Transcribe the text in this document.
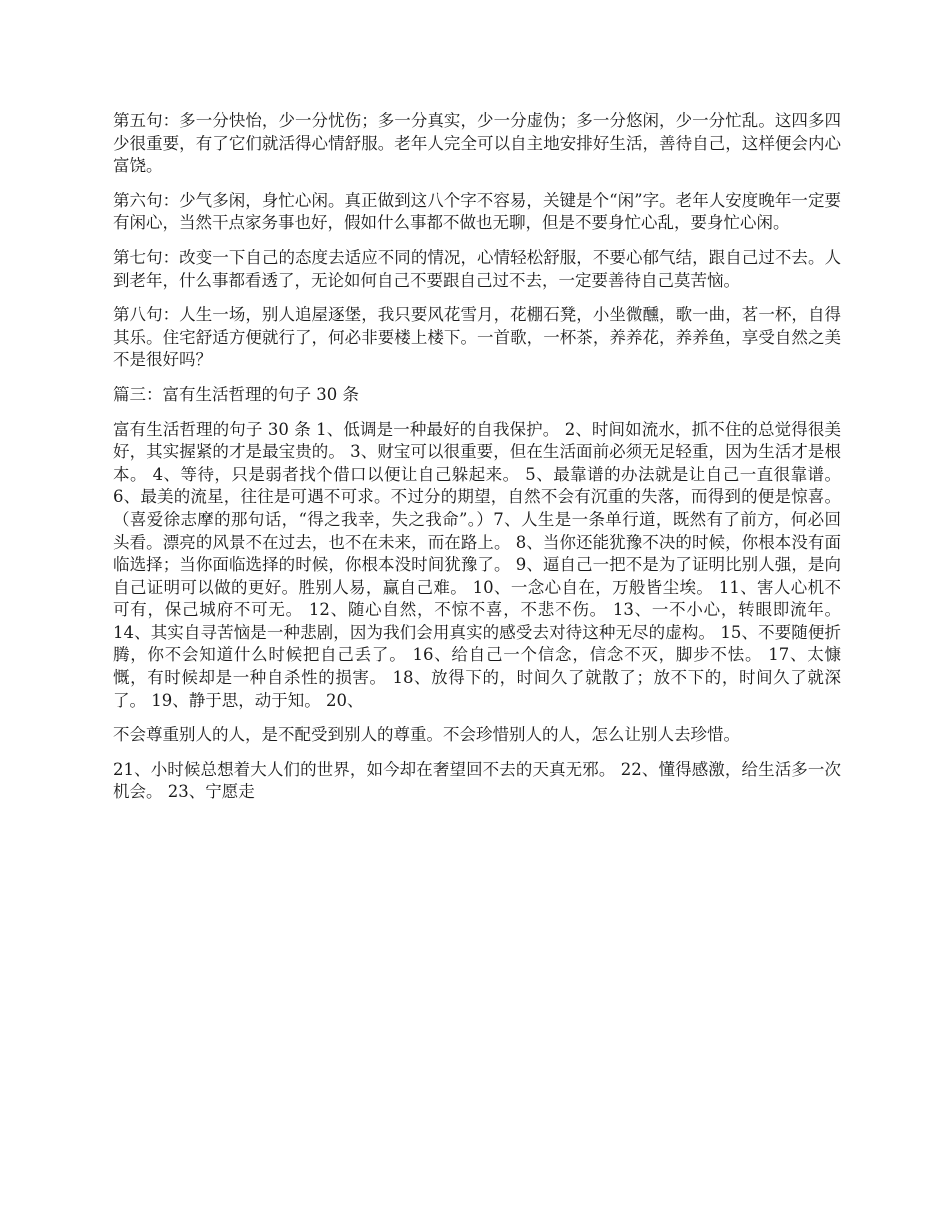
第五句：多一分快怡，少一分忧伤；多一分真实，少一分虚伪；多一分悠闲，少一分忙乱。这四多四少很重要，有了它们就活得心情舒服。老年人完全可以自主地安排好生活，善待自己，这样便会内心富饶。

第六句：少气多闲，身忙心闲。真正做到这八个字不容易，关键是个“闲”字。老年人安度晚年一定要有闲心，当然干点家务事也好，假如什么事都不做也无聊，但是不要身忙心乱，要身忙心闲。

第七句：改变一下自己的态度去适应不同的情况，心情轻松舒服，不要心郁气结，跟自己过不去。人到老年，什么事都看透了，无论如何自己不要跟自己过不去，一定要善待自己莫苦恼。

第八句：人生一场，别人追屋逐堡，我只要风花雪月，花棚石凳，小坐微醺，歌一曲，茗一杯，自得其乐。住宅舒适方便就行了，何必非要楼上楼下。一首歌，一杯茶，养养花，养养鱼，享受自然之美不是很好吗？

篇三：富有生活哲理的句子 30 条

富有生活哲理的句子 30 条 1、低调是一种最好的自我保护。 2、时间如流水，抓不住的总觉得很美好，其实握紧的才是最宝贵的。 3、财宝可以很重要，但在生活面前必须无足轻重，因为生活才是根本。 4、等待，只是弱者找个借口以便让自己躲起来。 5、最靠谱的办法就是让自己一直很靠谱。 6、最美的流星，往往是可遇不可求。不过分的期望，自然不会有沉重的失落，而得到的便是惊喜。（喜爱徐志摩的那句话，“得之我幸，失之我命”。）7、人生是一条单行道，既然有了前方，何必回头看。漂亮的风景不在过去，也不在未来，而在路上。 8、当你还能犹豫不决的时候，你根本没有面临选择；当你面临选择的时候，你根本没时间犹豫了。 9、逼自己一把不是为了证明比别人强，是向自己证明可以做的更好。胜别人易，赢自己难。 10、一念心自在，万般皆尘埃。 11、害人心机不可有，保己城府不可无。 12、随心自然，不惊不喜，不悲不伤。 13、一不小心，转眼即流年。 14、其实自寻苦恼是一种悲剧，因为我们会用真实的感受去对待这种无尽的虚构。 15、不要随便折腾，你不会知道什么时候把自己丢了。 16、给自己一个信念，信念不灭，脚步不怯。 17、太慷慨，有时候却是一种自杀性的损害。 18、放得下的，时间久了就散了；放不下的，时间久了就深了。 19、静于思，动于知。 20、

不会尊重别人的人，是不配受到别人的尊重。不会珍惜别人的人，怎么让别人去珍惜。

21、小时候总想着大人们的世界，如今却在奢望回不去的天真无邪。 22、懂得感激，给生活多一次机会。 23、宁愿走
